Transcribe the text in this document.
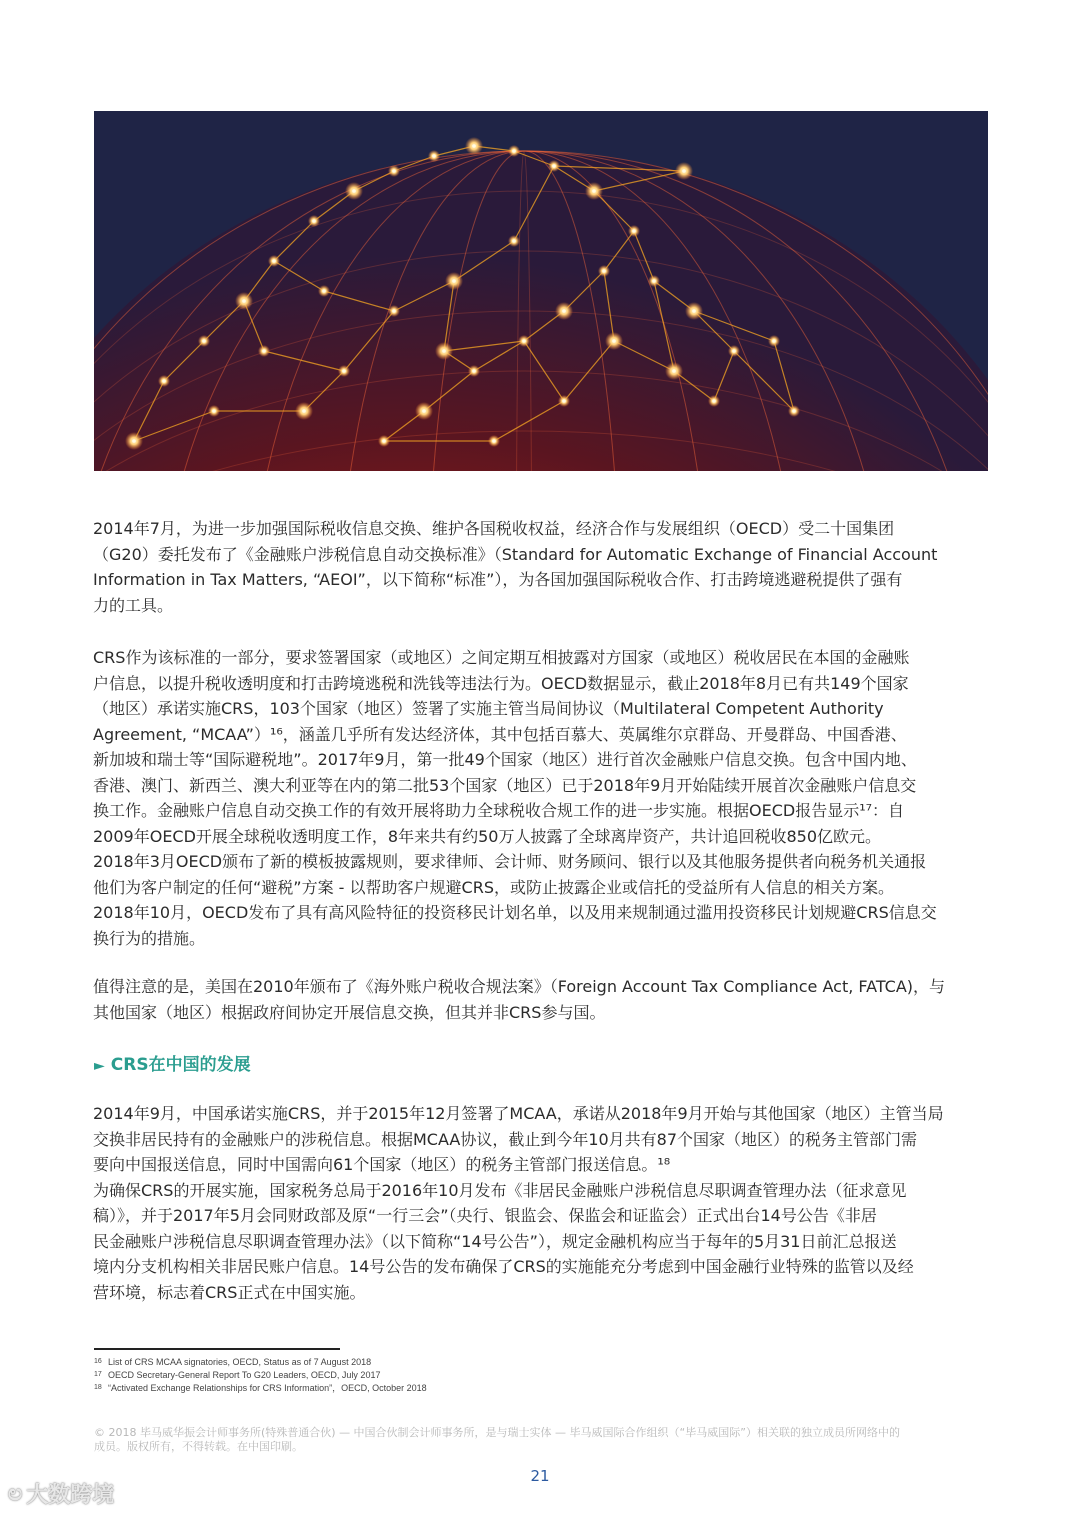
2014年7月，为进一步加强国际税收信息交换、维护各国税收权益，经济合作与发展组织（OECD）受二十国集团
（G20）委托发布了《金融账户涉税信息自动交换标准》（Standard for Automatic Exchange of Financial Account
Information in Tax Matters, “AEOI”，以下简称“标准”），为各国加强国际税收合作、打击跨境逃避税提供了强有
力的工具。
CRS作为该标准的一部分，要求签署国家（或地区）之间定期互相披露对方国家（或地区）税收居民在本国的金融账
户信息，以提升税收透明度和打击跨境逃税和洗钱等违法行为。OECD数据显示，截止2018年8月已有共149个国家
（地区）承诺实施CRS，103个国家（地区）签署了实施主管当局间协议（Multilateral Competent Authority
Agreement, “MCAA”）¹⁶，涵盖几乎所有发达经济体，其中包括百慕大、英属维尔京群岛、开曼群岛、中国香港、
新加坡和瑞士等“国际避税地”。2017年9月，第一批49个国家（地区）进行首次金融账户信息交换。包含中国内地、
香港、澳门、新西兰、澳大利亚等在内的第二批53个国家（地区）已于2018年9月开始陆续开展首次金融账户信息交
换工作。金融账户信息自动交换工作的有效开展将助力全球税收合规工作的进一步实施。根据OECD报告显示¹⁷：自
2009年OECD开展全球税收透明度工作，8年来共有约50万人披露了全球离岸资产，共计追回税收850亿欧元。
2018年3月OECD颁布了新的模板披露规则，要求律师、会计师、财务顾问、银行以及其他服务提供者向税务机关通报
他们为客户制定的任何“避税”方案 - 以帮助客户规避CRS，或防止披露企业或信托的受益所有人信息的相关方案。
2018年10月，OECD发布了具有高风险特征的投资移民计划名单，以及用来规制通过滥用投资移民计划规避CRS信息交
换行为的措施。
值得注意的是，美国在2010年颁布了《海外账户税收合规法案》（Foreign Account Tax Compliance Act, FATCA)，与
其他国家（地区）根据政府间协定开展信息交换，但其并非CRS参与国。
► CRS在中国的发展
2014年9月，中国承诺实施CRS，并于2015年12月签署了MCAA，承诺从2018年9月开始与其他国家（地区）主管当局
交换非居民持有的金融账户的涉税信息。根据MCAA协议，截止到今年10月共有87个国家（地区）的税务主管部门需
要向中国报送信息，同时中国需向61个国家（地区）的税务主管部门报送信息。¹⁸
为确保CRS的开展实施，国家税务总局于2016年10月发布《非居民金融账户涉税信息尽职调查管理办法（征求意见
稿）》，并于2017年5月会同财政部及原“一行三会”（央行、银监会、保监会和证监会）正式出台14号公告《非居
民金融账户涉税信息尽职调查管理办法》（以下简称“14号公告”），规定金融机构应当于每年的5月31日前汇总报送
境内分支机构相关非居民账户信息。14号公告的发布确保了CRS的实施能充分考虑到中国金融行业特殊的监管以及经
营环境，标志着CRS正式在中国实施。
16 List of CRS MCAA signatories, OECD, Status as of 7 August 2018
17 OECD Secretary-General Report To G20 Leaders, OECD, July 2017
18 “Activated Exchange Relationships for CRS Information”，OECD, October 2018
© 2018 毕马威华振会计师事务所(特殊普通合伙) — 中国合伙制会计师事务所，是与瑞士实体 — 毕马威国际合作组织（“毕马威国际”）相关联的独立成员所网络中的
成员。版权所有，不得转载。在中国印刷。
21
ಲ 大数跨境
